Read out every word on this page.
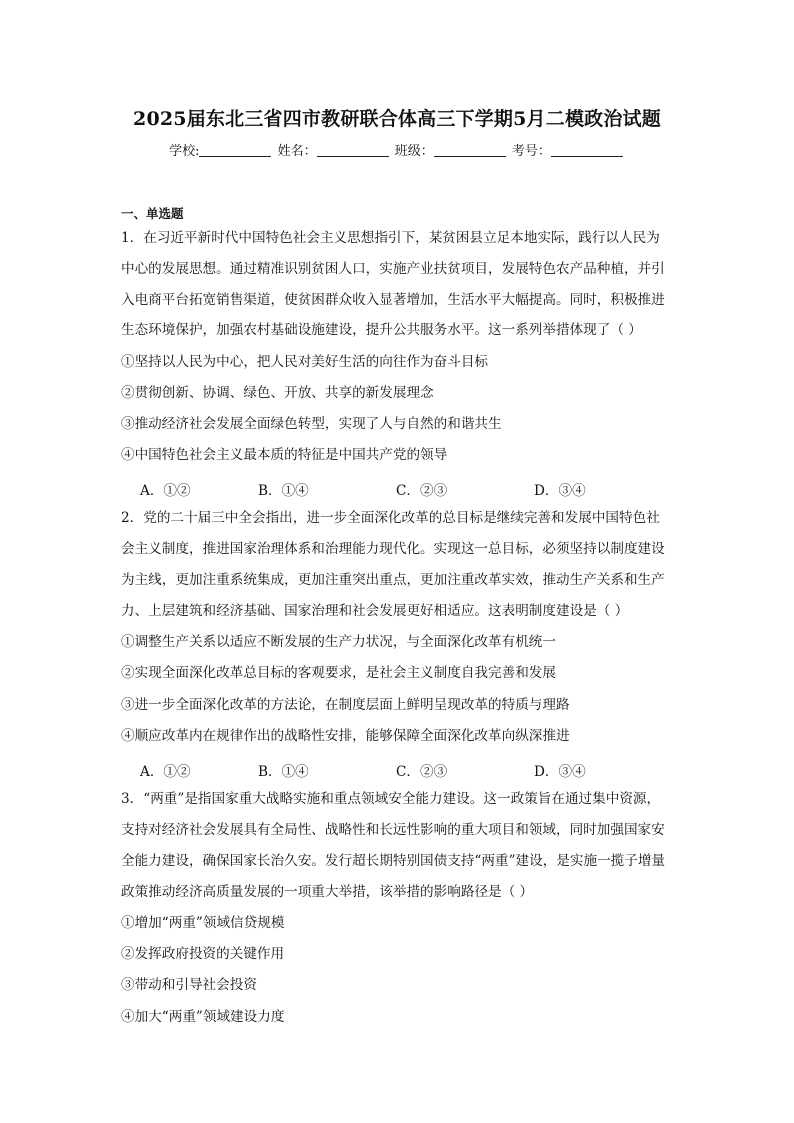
2025届东北三省四市教研联合体高三下学期5月二模政治试题
学校:	姓名：	班级：	考号：
一、单选题
1．在习近平新时代中国特色社会主义思想指引下，某贫困县立足本地实际，践行以人民为
中心的发展思想。通过精准识别贫困人口，实施产业扶贫项目，发展特色农产品种植，并引
入电商平台拓宽销售渠道，使贫困群众收入显著增加，生活水平大幅提高。同时，积极推进
生态环境保护，加强农村基础设施建设，提升公共服务水平。这一系列举措体现了（ ）
①坚持以人民为中心，把人民对美好生活的向往作为奋斗目标
②贯彻创新、协调、绿色、开放、共享的新发展理念
③推动经济社会发展全面绿色转型，实现了人与自然的和谐共生
④中国特色社会主义最本质的特征是中国共产党的领导
A．①②	B．①④	C．②③	D．③④
2．党的二十届三中全会指出，进一步全面深化改革的总目标是继续完善和发展中国特色社
会主义制度，推进国家治理体系和治理能力现代化。实现这一总目标，必须坚持以制度建设
为主线，更加注重系统集成，更加注重突出重点，更加注重改革实效，推动生产关系和生产
力、上层建筑和经济基础、国家治理和社会发展更好相适应。这表明制度建设是（ ）
①调整生产关系以适应不断发展的生产力状况，与全面深化改革有机统一
②实现全面深化改革总目标的客观要求，是社会主义制度自我完善和发展
③进一步全面深化改革的方法论，在制度层面上鲜明呈现改革的特质与理路
④顺应改革内在规律作出的战略性安排，能够保障全面深化改革向纵深推进
A．①②	B．①④	C．②③	D．③④
3．“两重”是指国家重大战略实施和重点领域安全能力建设。这一政策旨在通过集中资源，
支持对经济社会发展具有全局性、战略性和长远性影响的重大项目和领域，同时加强国家安
全能力建设，确保国家长治久安。发行超长期特别国债支持“两重”建设，是实施一揽子增量
政策推动经济高质量发展的一项重大举措，该举措的影响路径是（ ）
①增加“两重”领域信贷规模
②发挥政府投资的关键作用
③带动和引导社会投资
④加大“两重”领域建设力度
